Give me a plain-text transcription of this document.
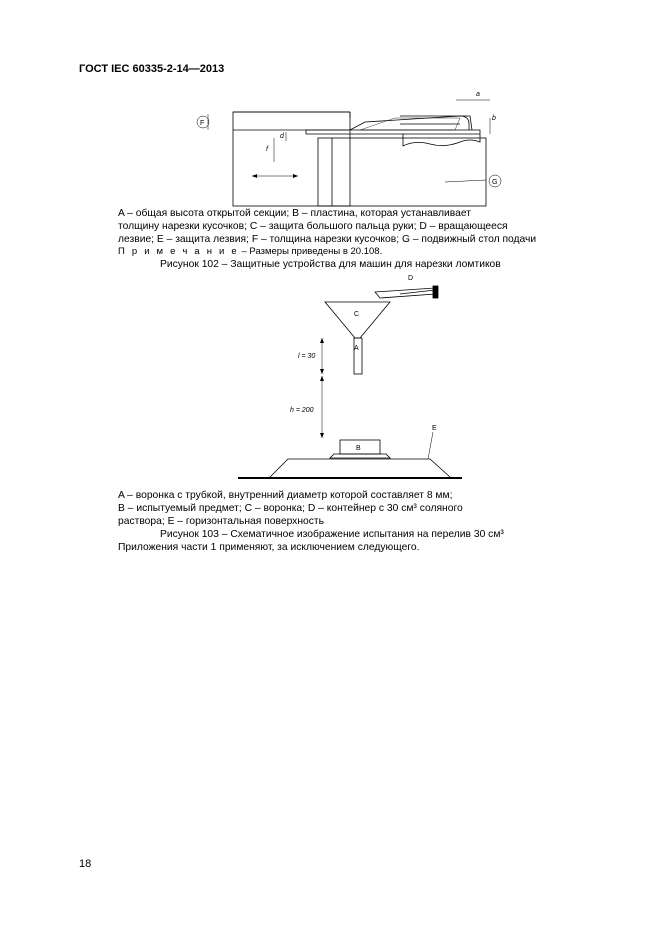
ГОСТ IEC 60335-2-14—2013
F
d
f
a
b
G
A – общая высота открытой секции; B – пластина, которая устанавливает
толщину нарезки кусочков; C – защита большого пальца руки; D – вращающееся
лезвие; E – защита лезвия; F – толщина нарезки кусочков; G – подвижный стол подачи
П р и м е ч а н и е – Размеры приведены в 20.108.
Рисунок 102 – Защитные устройства для машин для нарезки ломтиков
D
C
A
l = 30
h = 200
B
E
A – воронка с трубкой, внутренний диаметр которой составляет 8 мм;
B – испытуемый предмет; C – воронка; D – контейнер с 30 см³ соляного
раствора; E – горизонтальная поверхность
Рисунок 103 – Схематичное изображение испытания на перелив 30 см³
Приложения части 1 применяют, за исключением следующего.
18
